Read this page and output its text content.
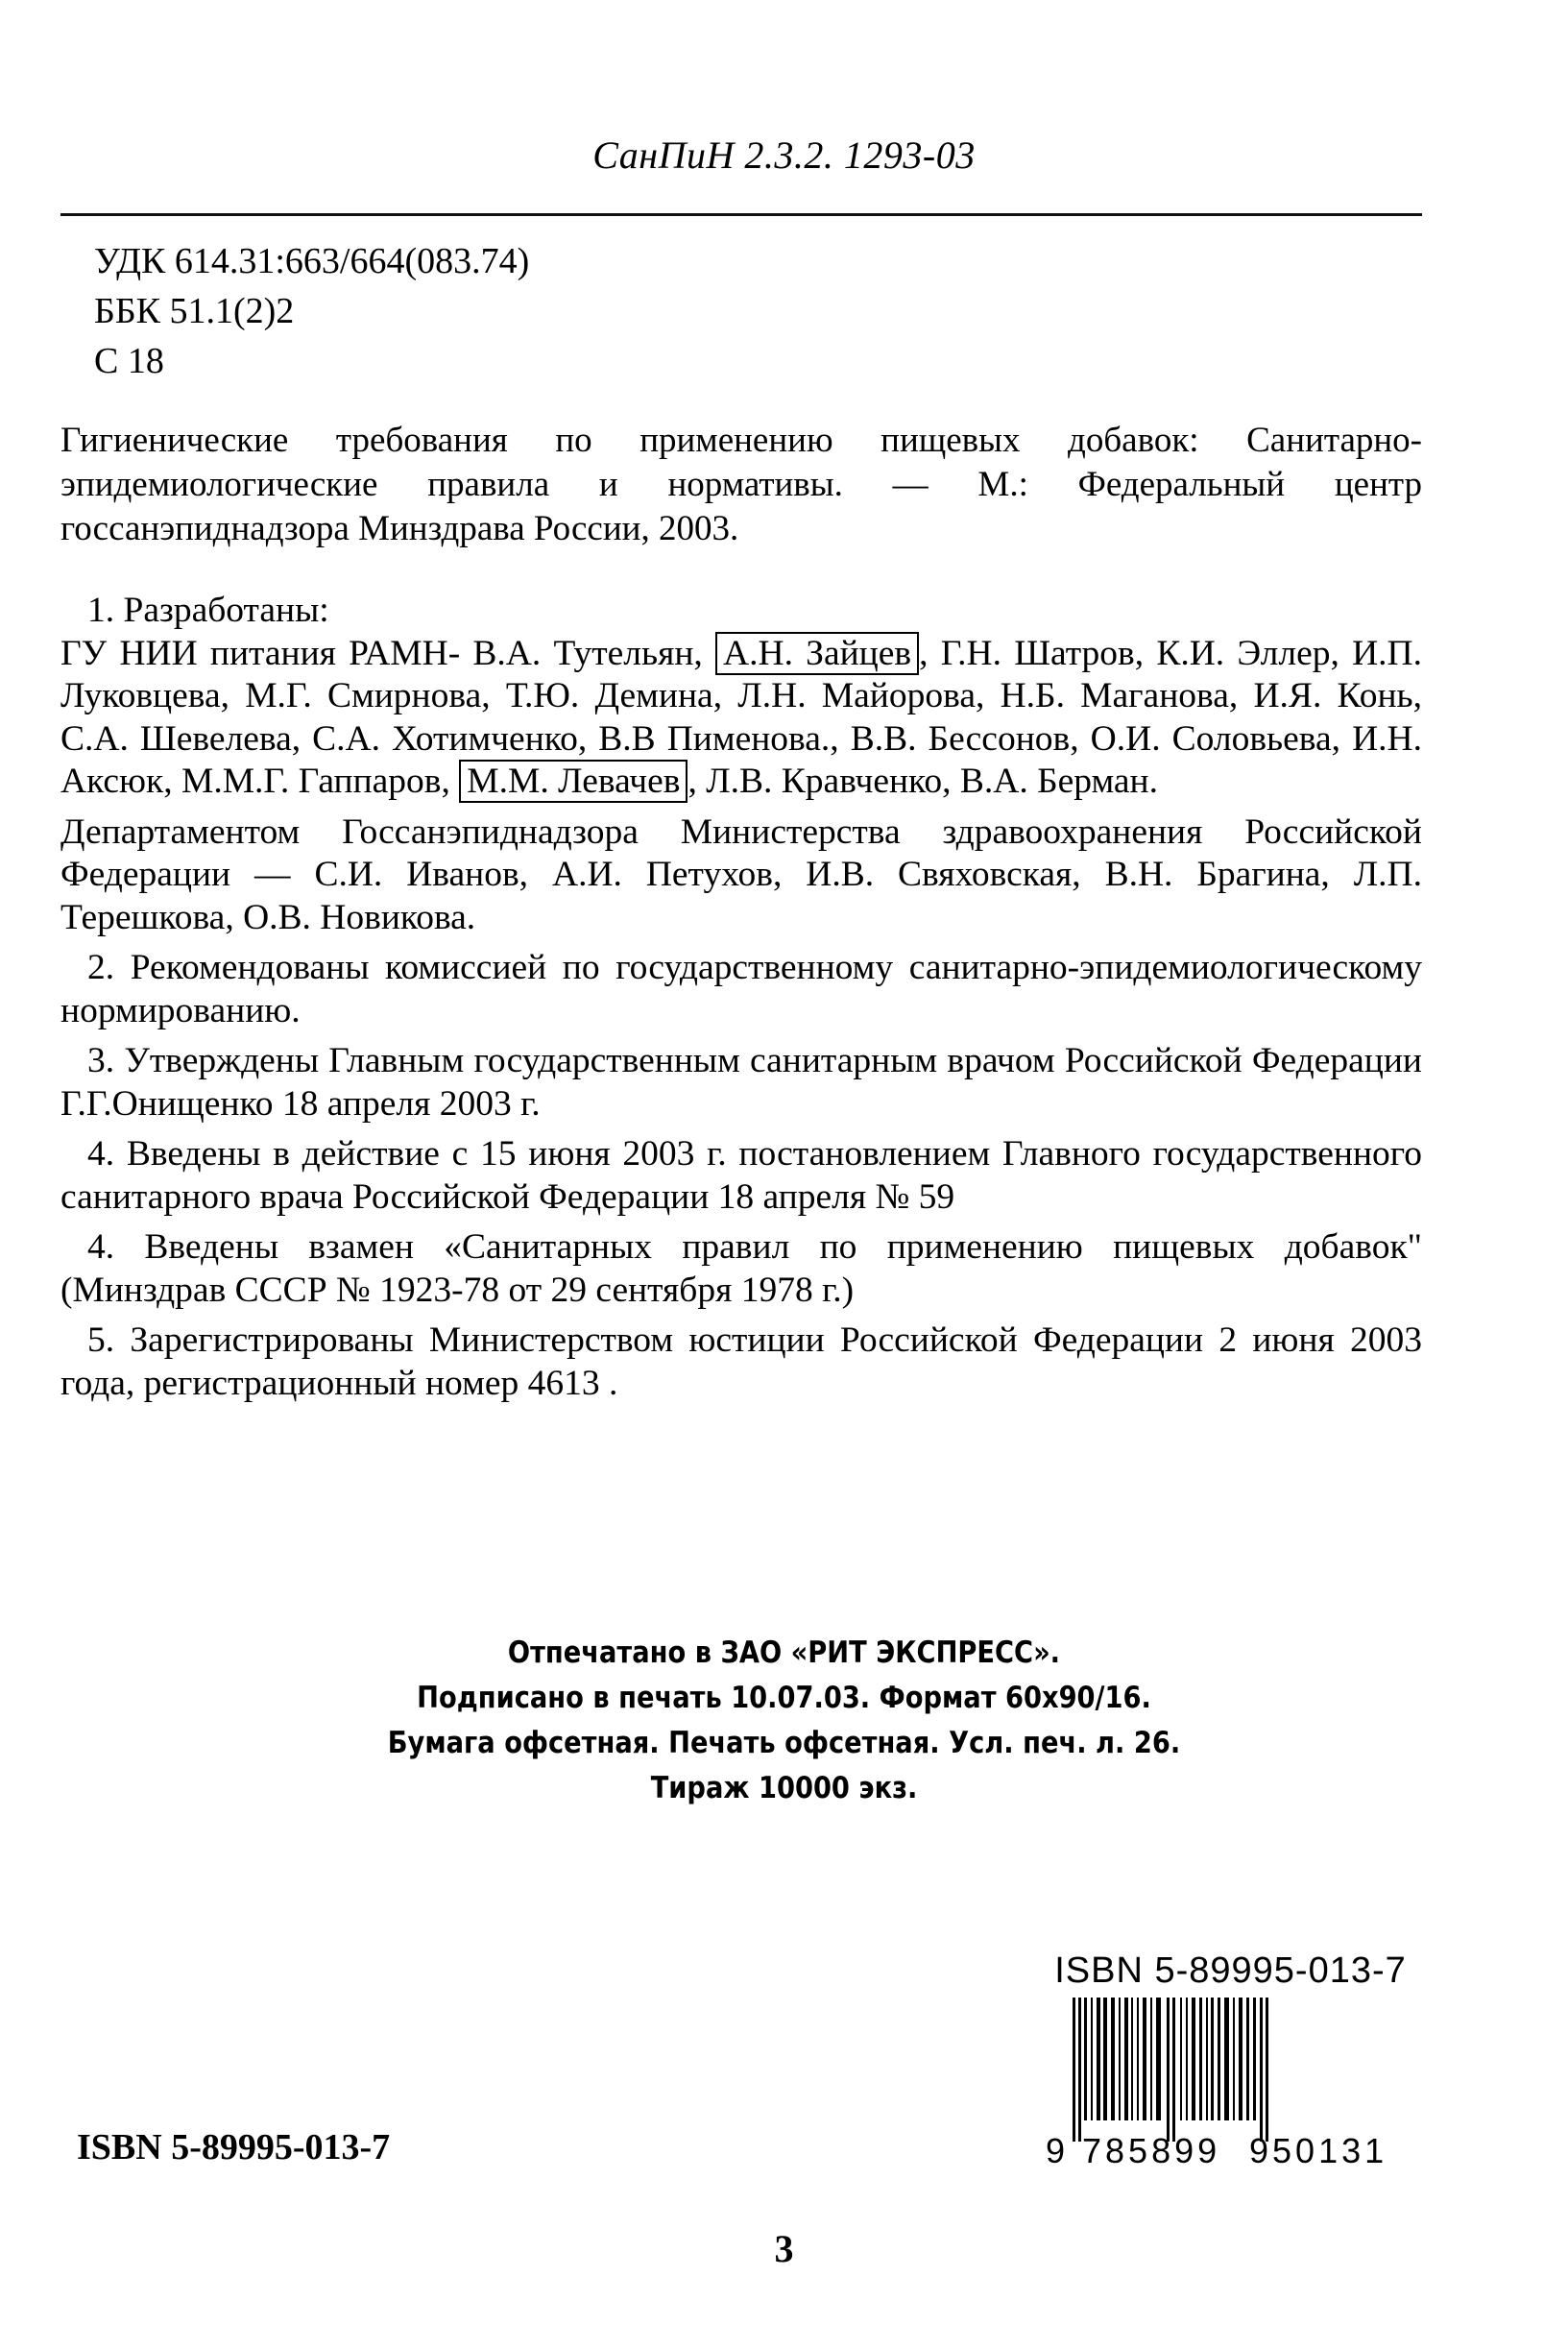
СанПиН 2.3.2. 1293-03
УДК 614.31:663/664(083.74)
ББК 51.1(2)2
С 18
Гигиенические требования по применению пищевых добавок: Санитарно-эпидемиологические правила и нормативы. — М.: Федеральный центр госсанэпиднадзора Минздрава России, 2003.

1. Разработаны:

ГУ НИИ питания РАМН- В.А. Тутельян, А.Н. Зайцев , Г.Н. Шатров, К.И. Эллер, И.П. Луковцева, М.Г. Смирнова, Т.Ю. Демина, Л.Н. Майорова, Н.Б. Маганова, И.Я. Конь, С.А. Шевелева, С.А. Хотимченко, В.В Пименова., В.В. Бессонов, О.И. Соловьева, И.Н. Аксюк, М.М.Г. Гаппаров, М.М. Левачев , Л.В. Кравченко, В.А. Берман.

Департаментом Госсанэпиднадзора Министерства здравоохранения Российской Федерации — С.И. Иванов, А.И. Петухов, И.В. Свяховская, В.Н. Брагина, Л.П. Терешкова, О.В. Новикова.

2. Рекомендованы комиссией по государственному санитарно-эпидемиологическому нормированию.

3. Утверждены Главным государственным санитарным врачом Российской Федерации Г.Г.Онищенко 18 апреля 2003 г.

4. Введены в действие с 15 июня 2003 г. постановлением Главного государственного санитарного врача Российской Федерации 18 апреля № 59

4. Введены взамен «Санитарных правил по применению пищевых добавок" (Минздрав СССР № 1923-78 от 29 сентября 1978 г.)

5. Зарегистрированы Министерством юстиции Российской Федерации 2 июня 2003 года, регистрационный номер 4613 .

Отпечатано в ЗАО «РИТ ЭКСПРЕСС».
Подписано в печать 10.07.03. Формат 60х90/16.
Бумага офсетная. Печать офсетная. Усл. печ. л. 26.
Тираж 10000 экз.
ISBN 5-89995-013-7
ISBN 5-89995-013-7
9 785899 950131
3
